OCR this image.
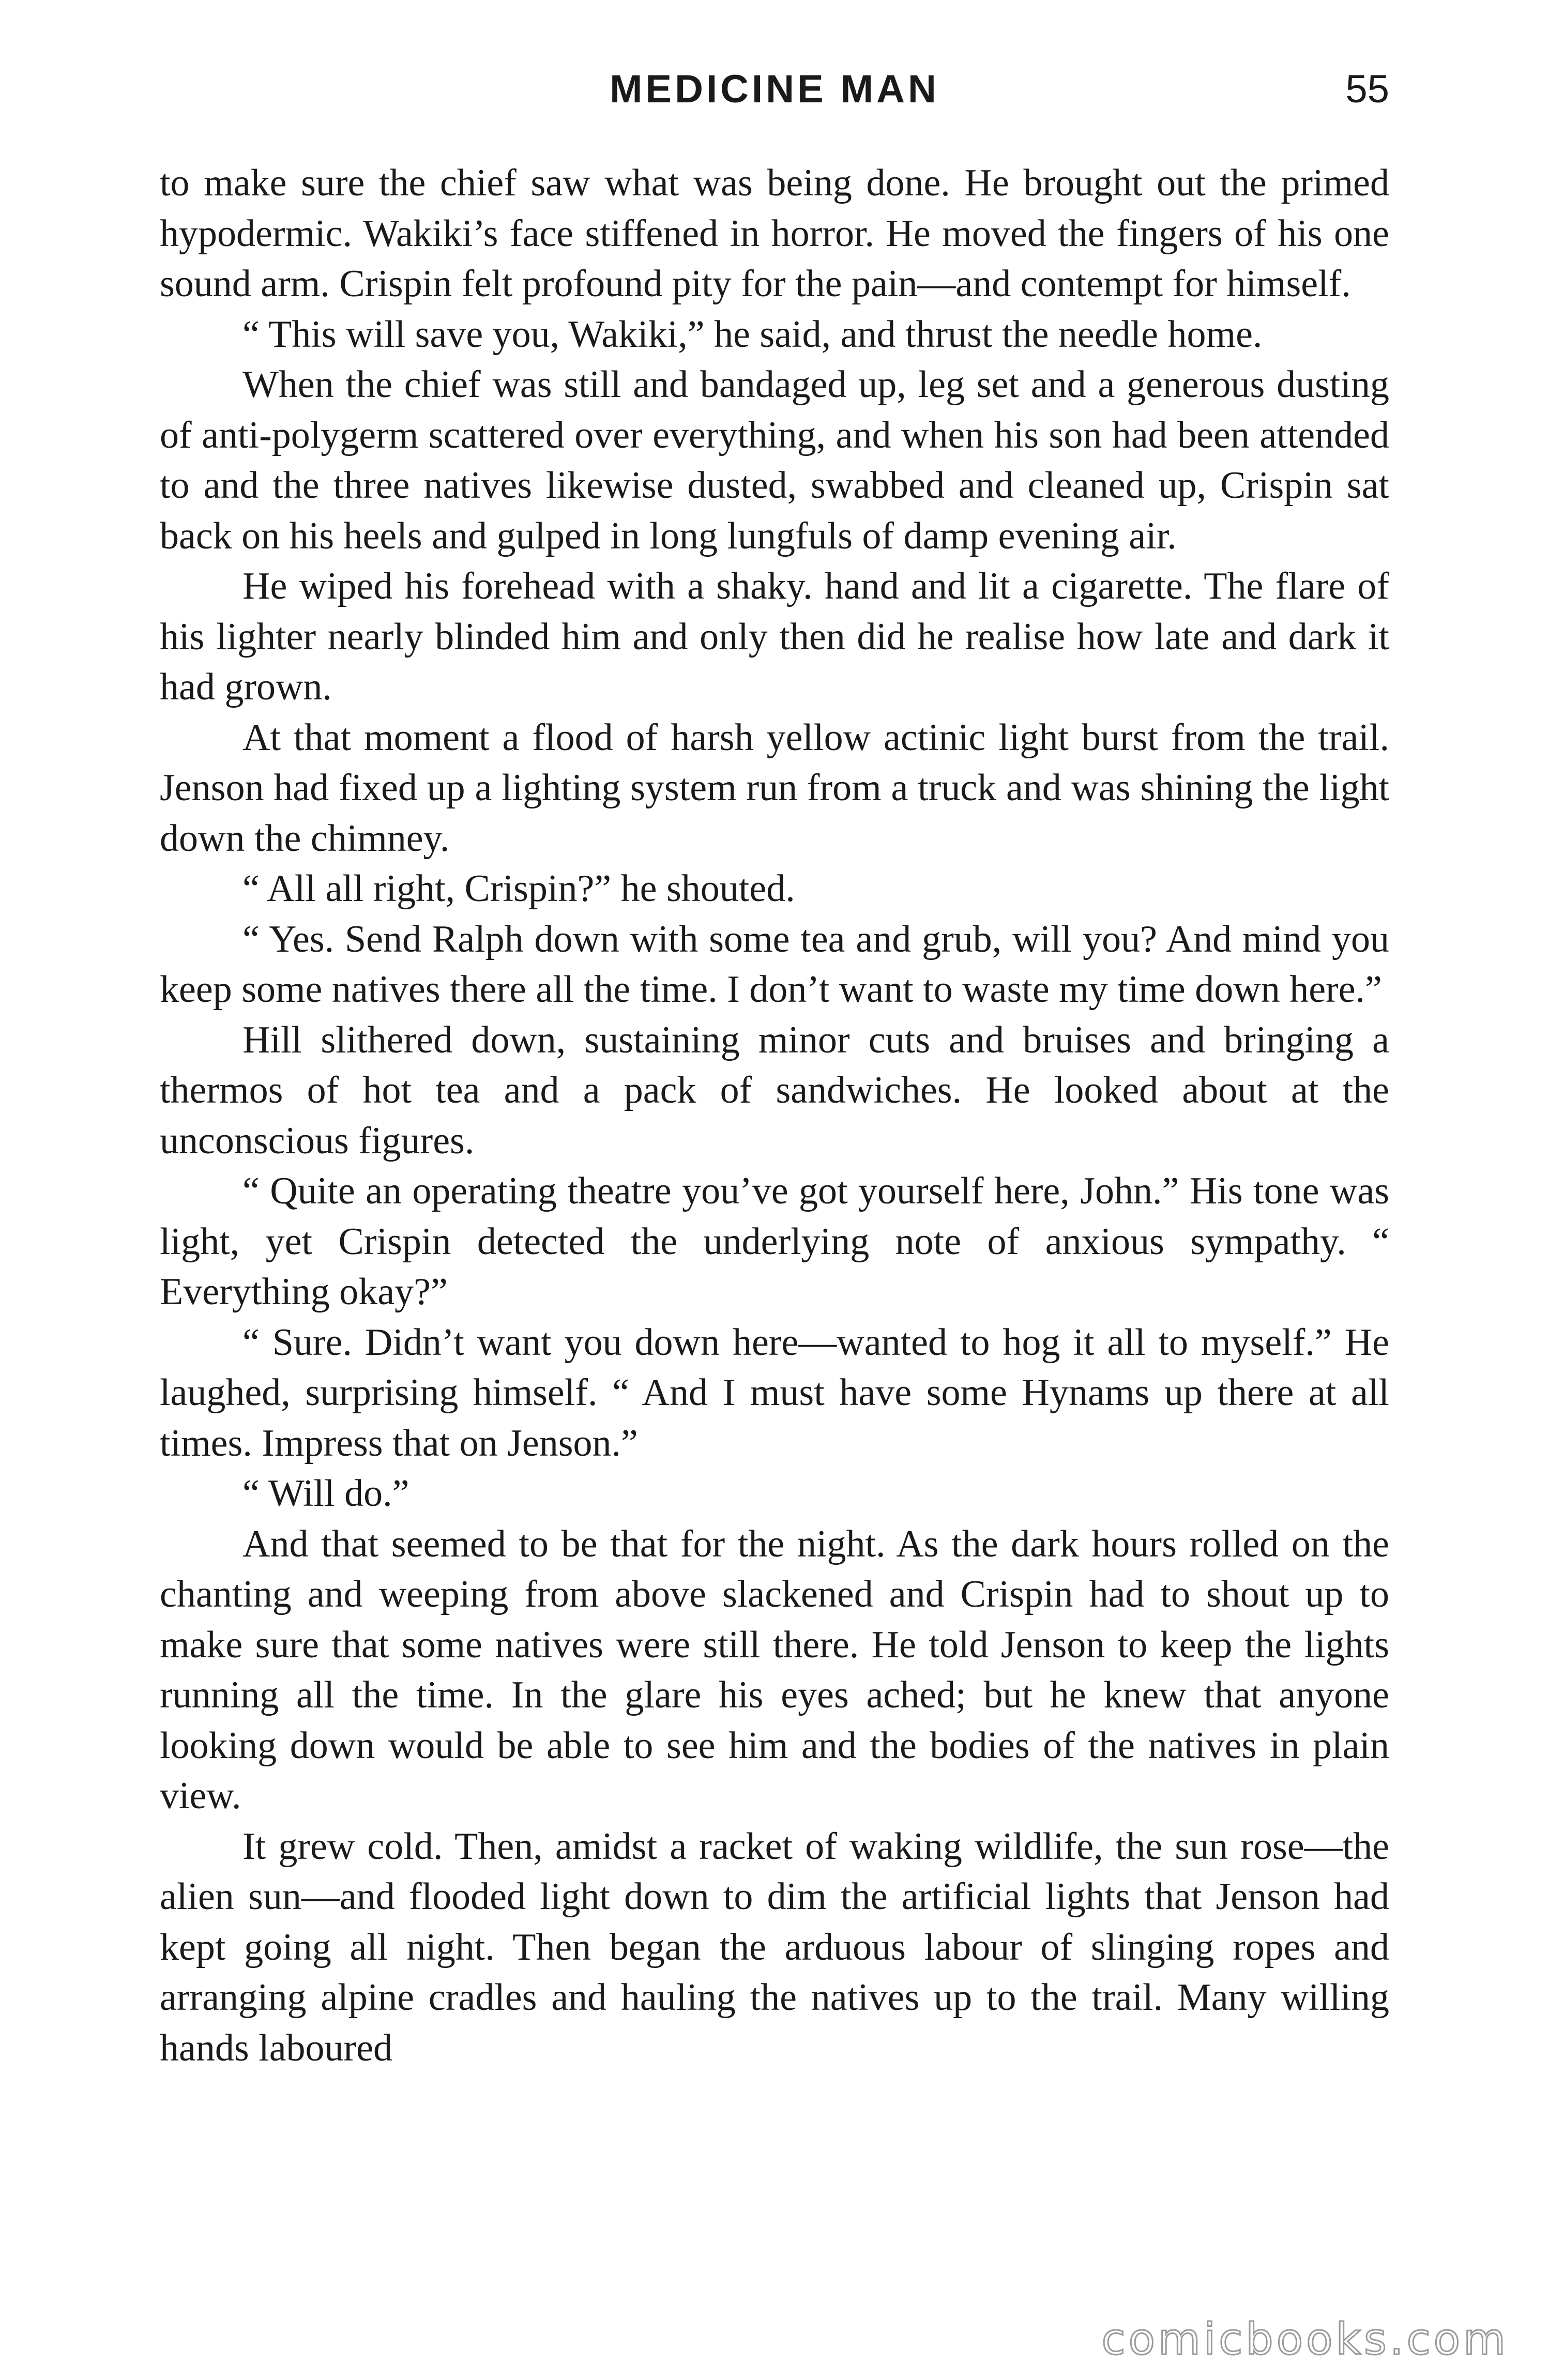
MEDICINE MAN	55

to make sure the chief saw what was being done. He brought out the primed hypodermic. Wakiki’s face stiffened in horror. He moved the fingers of his one sound arm. Crispin felt profound pity for the pain—and contempt for himself.

“ This will save you, Wakiki,” he said, and thrust the needle home.

When the chief was still and bandaged up, leg set and a generous dusting of anti-polygerm scattered over everything, and when his son had been attended to and the three natives likewise dusted, swabbed and cleaned up, Crispin sat back on his heels and gulped in long lungfuls of damp evening air.

He wiped his forehead with a shaky. hand and lit a cigarette. The flare of his lighter nearly blinded him and only then did he realise how late and dark it had grown.

At that moment a flood of harsh yellow actinic light burst from the trail. Jenson had fixed up a lighting system run from a truck and was shining the light down the chimney.

“ All all right, Crispin?” he shouted.

“ Yes. Send Ralph down with some tea and grub, will you? And mind you keep some natives there all the time. I don’t want to waste my time down here.”

Hill slithered down, sustaining minor cuts and bruises and bringing a thermos of hot tea and a pack of sandwiches. He looked about at the unconscious figures.

“ Quite an operating theatre you’ve got yourself here, John.” His tone was light, yet Crispin detected the underlying note of anxious sympathy. “ Everything okay?”

“ Sure. Didn’t want you down here—wanted to hog it all to myself.” He laughed, surprising himself. “ And I must have some Hynams up there at all times. Impress that on Jenson.”

“ Will do.”

And that seemed to be that for the night. As the dark hours rolled on the chanting and weeping from above slackened and Crispin had to shout up to make sure that some natives were still there. He told Jenson to keep the lights running all the time. In the glare his eyes ached; but he knew that anyone looking down would be able to see him and the bodies of the natives in plain view.

It grew cold. Then, amidst a racket of waking wildlife, the sun rose—the alien sun—and flooded light down to dim the artificial lights that Jenson had kept going all night. Then began the arduous labour of slinging ropes and arranging alpine cradles and hauling the natives up to the trail. Many willing hands laboured

comicbooks.com
